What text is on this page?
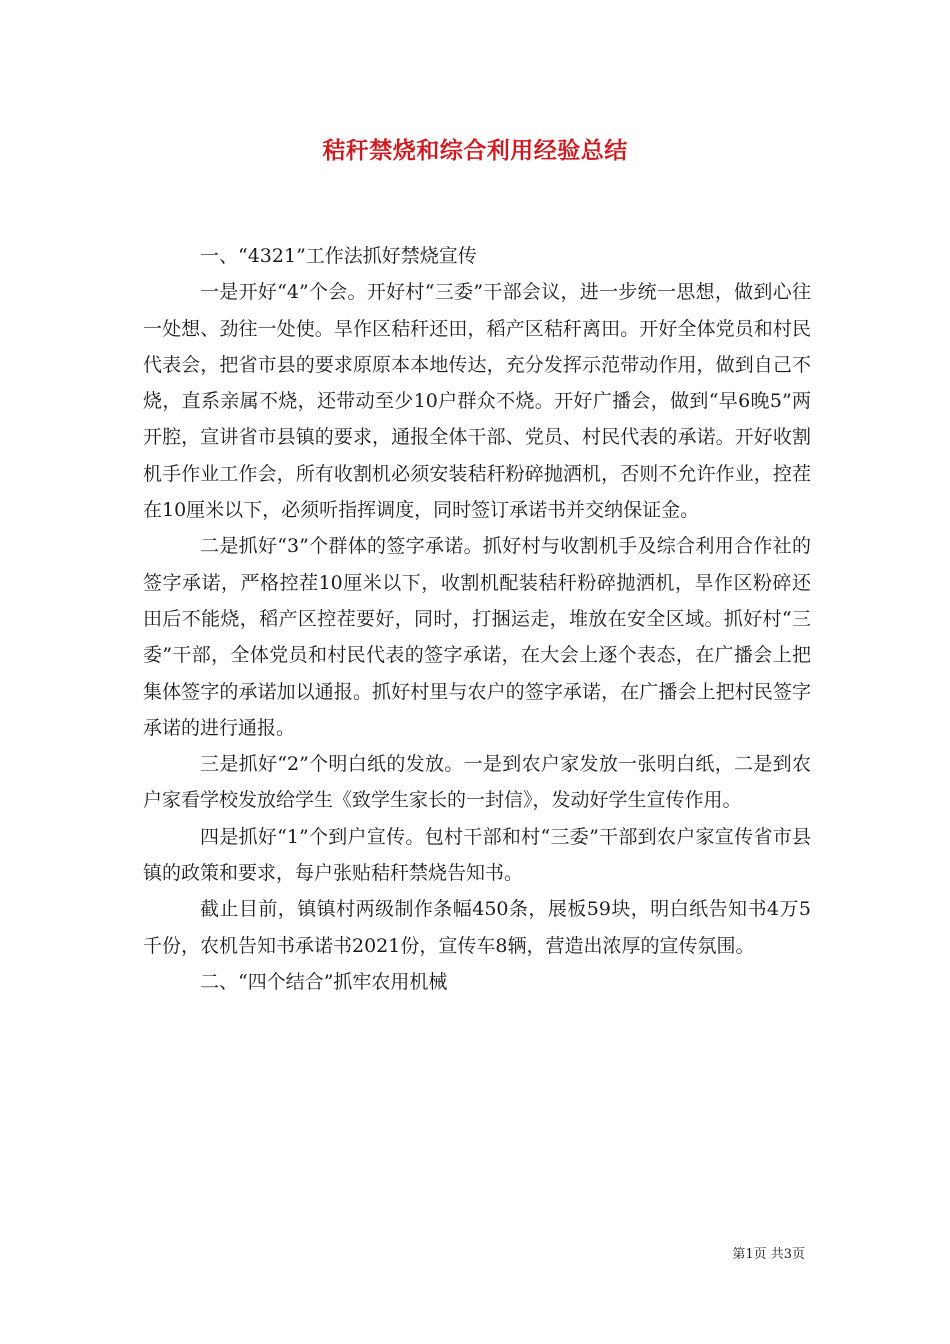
秸秆禁烧和综合利用经验总结

一、“4321”工作法抓好禁烧宣传

一是开好“4”个会。开好村“三委”干部会议，进一步统一思想，做到心往一处想、劲往一处使。旱作区秸秆还田，稻产区秸秆离田。开好全体党员和村民代表会，把省市县的要求原原本本地传达，充分发挥示范带动作用，做到自己不烧，直系亲属不烧，还带动至少10户群众不烧。开好广播会，做到“早6晚5”两开腔，宣讲省市县镇的要求，通报全体干部、党员、村民代表的承诺。开好收割机手作业工作会，所有收割机必须安装秸秆粉碎抛洒机，否则不允许作业，控茬在10厘米以下，必须听指挥调度，同时签订承诺书并交纳保证金。

二是抓好“3”个群体的签字承诺。抓好村与收割机手及综合利用合作社的签字承诺，严格控茬10厘米以下，收割机配装秸秆粉碎抛洒机，旱作区粉碎还田后不能烧，稻产区控茬要好，同时，打捆运走，堆放在安全区域。抓好村“三委”干部，全体党员和村民代表的签字承诺，在大会上逐个表态，在广播会上把集体签字的承诺加以通报。抓好村里与农户的签字承诺，在广播会上把村民签字承诺的进行通报。

三是抓好“2”个明白纸的发放。一是到农户家发放一张明白纸，二是到农户家看学校发放给学生《致学生家长的一封信》，发动好学生宣传作用。

四是抓好“1”个到户宣传。包村干部和村“三委”干部到农户家宣传省市县镇的政策和要求，每户张贴秸秆禁烧告知书。

截止目前，镇镇村两级制作条幅450条，展板59块，明白纸告知书4万5千份，农机告知书承诺书2021份，宣传车8辆，营造出浓厚的宣传氛围。

二、“四个结合”抓牢农用机械

第1页 共3页
